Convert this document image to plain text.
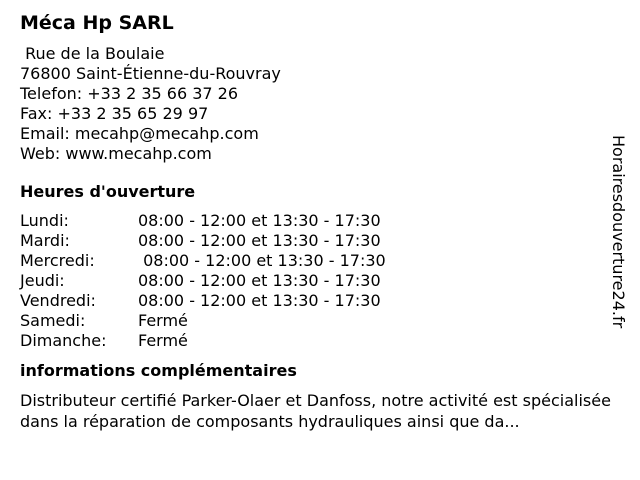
Méca Hp SARL
Rue de la Boulaie
76800 Saint-Étienne-du-Rouvray
Telefon: +33 2 35 66 37 26
Fax: +33 2 35 65 29 97
Email: mecahp@mecahp.com
Web: www.mecahp.com
Heures d'ouverture
Lundi:	08:00 - 12:00 et 13:30 - 17:30
Mardi:	08:00 - 12:00 et 13:30 - 17:30
Mercredi:	08:00 - 12:00 et 13:30 - 17:30
Jeudi:	08:00 - 12:00 et 13:30 - 17:30
Vendredi:	08:00 - 12:00 et 13:30 - 17:30
Samedi:	Fermé
Dimanche:	Fermé
informations complémentaires
Distributeur certifié Parker-Olaer et Danfoss, notre activité est spécialisée dans la réparation de composants hydrauliques ainsi que da...
Horairesdouverture24.fr
